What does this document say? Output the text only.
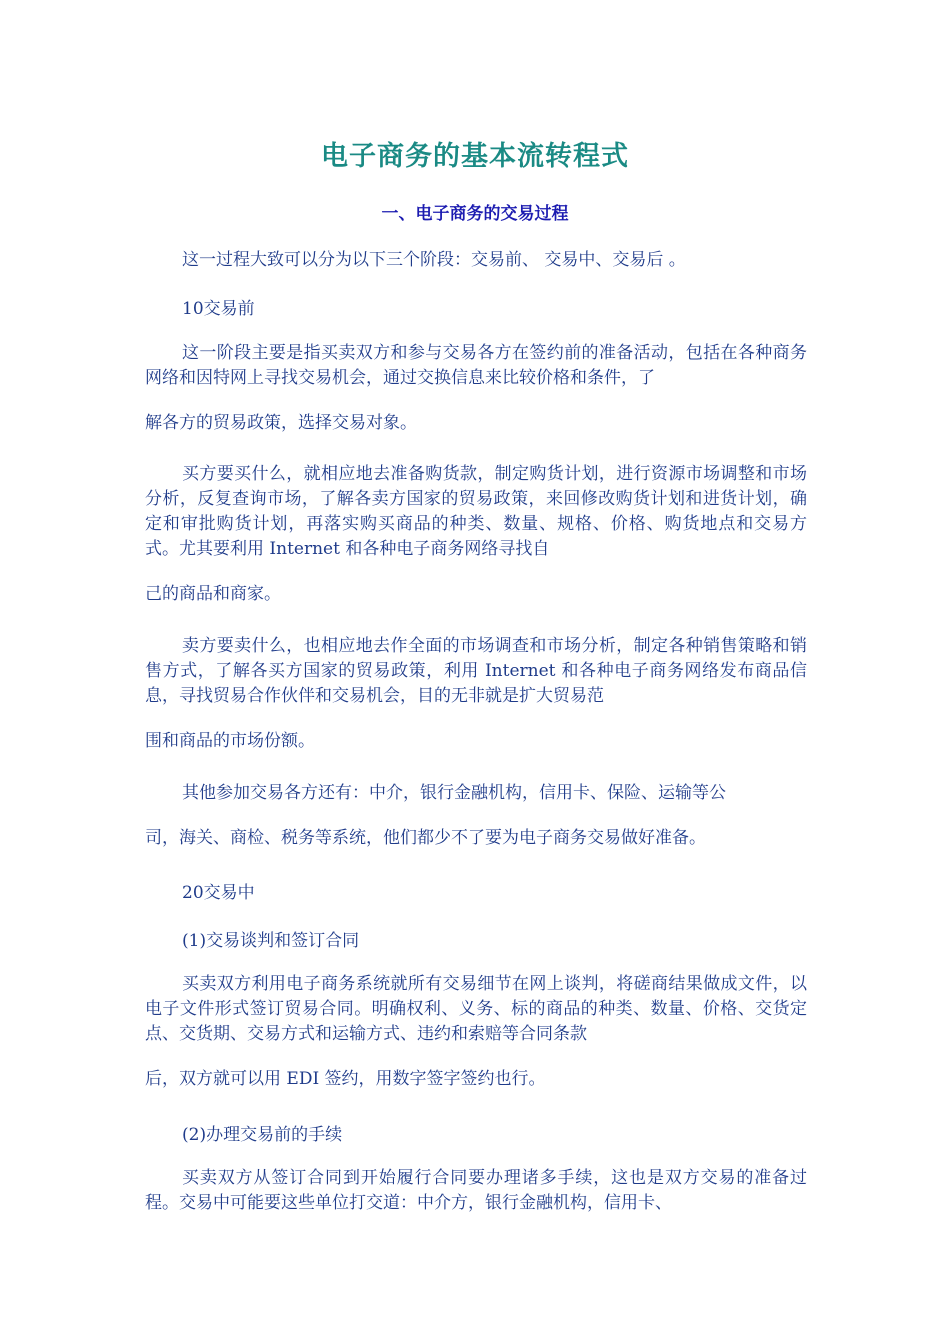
电子商务的基本流转程式
一、电子商务的交易过程

这一过程大致可以分为以下三个阶段：交易前、 交易中、交易后 。

10交易前

这一阶段主要是指买卖双方和参与交易各方在签约前的准备活动，包括在各种商务网络和因特网上寻找交易机会，通过交换信息来比较价格和条件，了
解各方的贸易政策，选择交易对象。
买方要买什么，就相应地去准备购货款，制定购货计划，进行资源市场调整和市场分析，反复查询市场，了解各卖方国家的贸易政策，来回修改购货计划和进货计划，确定和审批购货计划，再落实购买商品的种类、数量、规格、价格、购货地点和交易方式。尤其要利用 Internet 和各种电子商务网络寻找自
己的商品和商家。
卖方要卖什么，也相应地去作全面的市场调查和市场分析，制定各种销售策略和销售方式，了解各买方国家的贸易政策，利用 Internet 和各种电子商务网络发布商品信息，寻找贸易合作伙伴和交易机会，目的无非就是扩大贸易范
围和商品的市场份额。
其他参加交易各方还有：中介，银行金融机构，信用卡、保险、运输等公
司，海关、商检、税务等系统，他们都少不了要为电子商务交易做好准备。

20交易中

(1)交易谈判和签订合同

买卖双方利用电子商务系统就所有交易细节在网上谈判，将磋商结果做成文件，以电子文件形式签订贸易合同。明确权利、义务、标的商品的种类、数量、价格、交货定点、交货期、交易方式和运输方式、违约和索赔等合同条款
后，双方就可以用 EDI 签约，用数字签字签约也行。

(2)办理交易前的手续

买卖双方从签订合同到开始履行合同要办理诸多手续，这也是双方交易的准备过程。交易中可能要这些单位打交道：中介方，银行金融机构，信用卡、
